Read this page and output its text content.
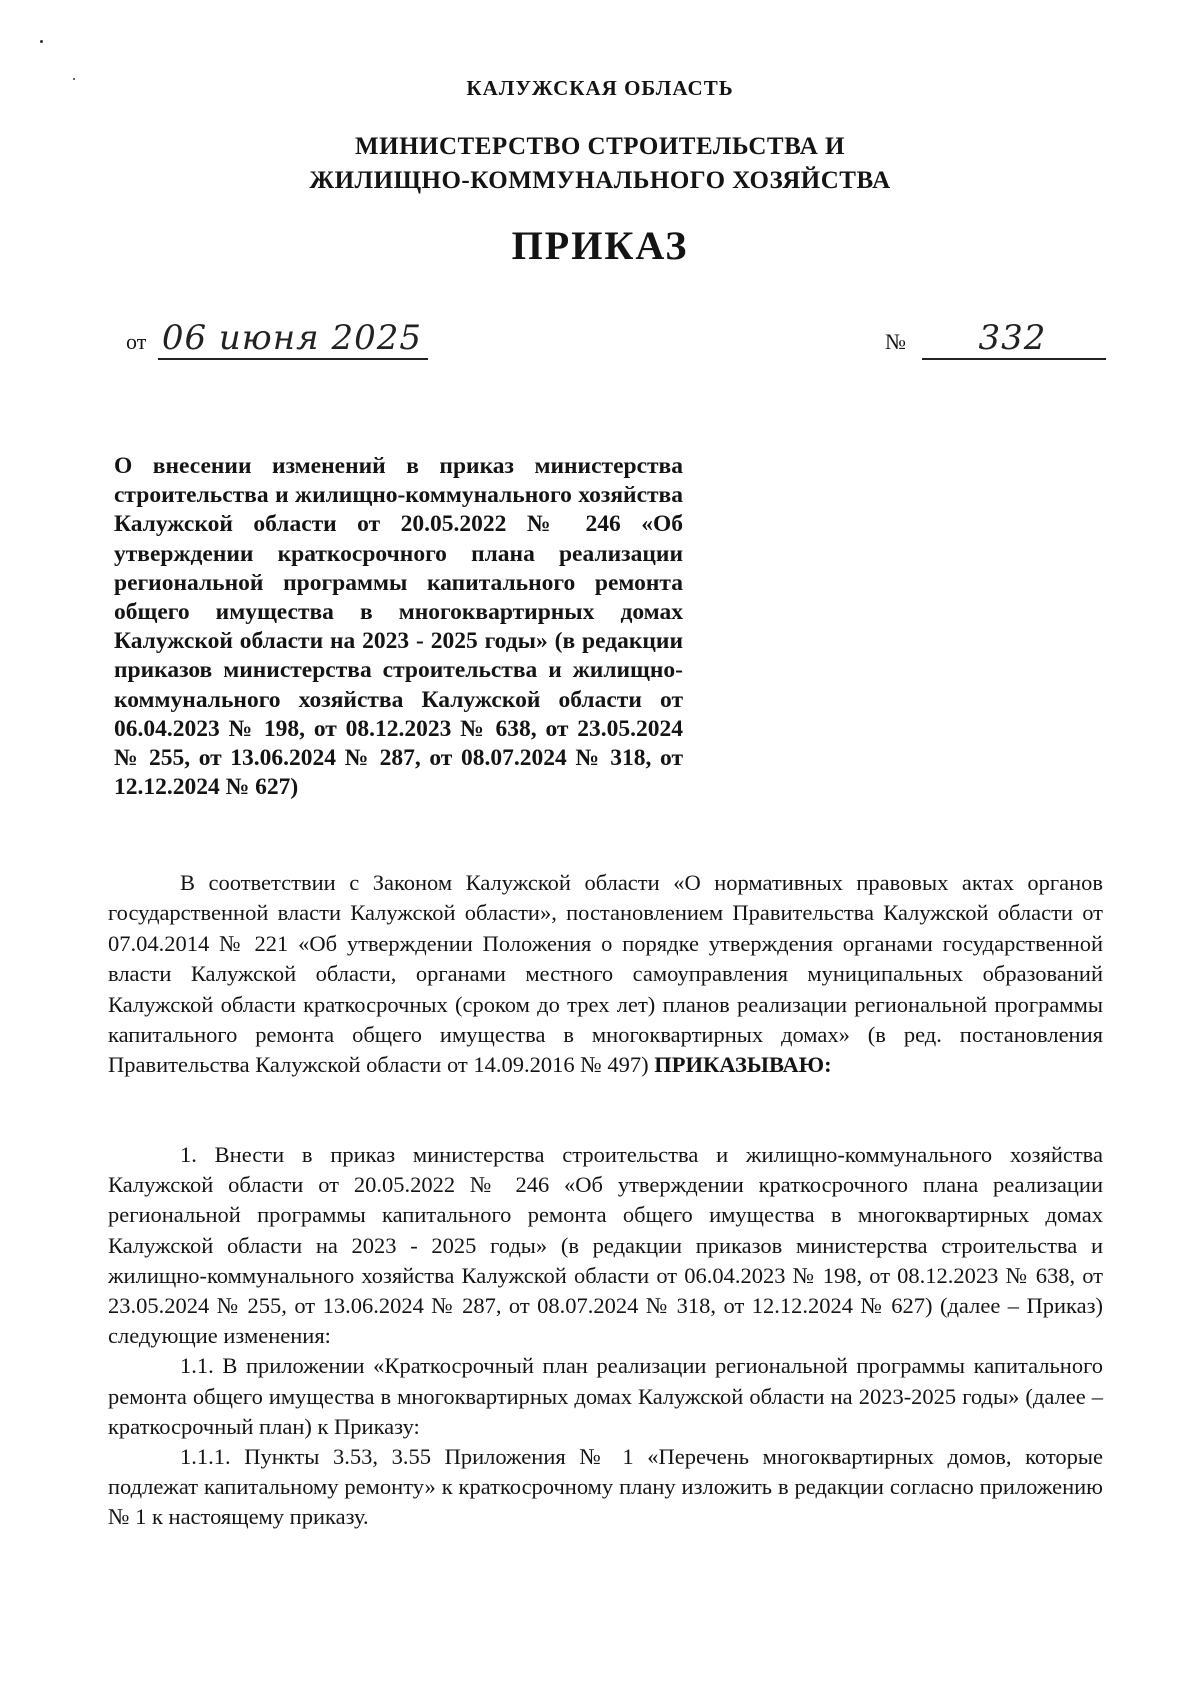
КАЛУЖСКАЯ ОБЛАСТЬ
МИНИСТЕРСТВО СТРОИТЕЛЬСТВА И
ЖИЛИЩНО-КОММУНАЛЬНОГО ХОЗЯЙСТВА
ПРИКАЗ
от 06 июня 2025	№ 332
О внесении изменений в приказ министерства строительства и жилищно-коммунального хозяйства Калужской области от 20.05.2022 № 246 «Об утверждении краткосрочного плана реализации региональной программы капитального ремонта общего имущества в многоквартирных домах Калужской области на 2023 - 2025 годы» (в редакции приказов министерства строительства и жилищно-коммунального хозяйства Калужской области от 06.04.2023 № 198, от 08.12.2023 № 638, от 23.05.2024 № 255, от 13.06.2024 № 287, от 08.07.2024 № 318, от 12.12.2024 № 627)
В соответствии с Законом Калужской области «О нормативных правовых актах органов государственной власти Калужской области», постановлением Правительства Калужской области от 07.04.2014 № 221 «Об утверждении Положения о порядке утверждения органами государственной власти Калужской области, органами местного самоуправления муниципальных образований Калужской области краткосрочных (сроком до трех лет) планов реализации региональной программы капитального ремонта общего имущества в многоквартирных домах» (в ред. постановления Правительства Калужской области от 14.09.2016 № 497) ПРИКАЗЫВАЮ:

1. Внести в приказ министерства строительства и жилищно-коммунального хозяйства Калужской области от 20.05.2022 № 246 «Об утверждении краткосрочного плана реализации региональной программы капитального ремонта общего имущества в многоквартирных домах Калужской области на 2023 - 2025 годы» (в редакции приказов министерства строительства и жилищно-коммунального хозяйства Калужской области от 06.04.2023 № 198, от 08.12.2023 № 638, от 23.05.2024 № 255, от 13.06.2024 № 287, от 08.07.2024 № 318, от 12.12.2024 № 627) (далее – Приказ) следующие изменения:

1.1. В приложении «Краткосрочный план реализации региональной программы капитального ремонта общего имущества в многоквартирных домах Калужской области на 2023-2025 годы» (далее – краткосрочный план) к Приказу:

1.1.1. Пункты 3.53, 3.55 Приложения № 1 «Перечень многоквартирных домов, которые подлежат капитальному ремонту» к краткосрочному плану изложить в редакции согласно приложению № 1 к настоящему приказу.
